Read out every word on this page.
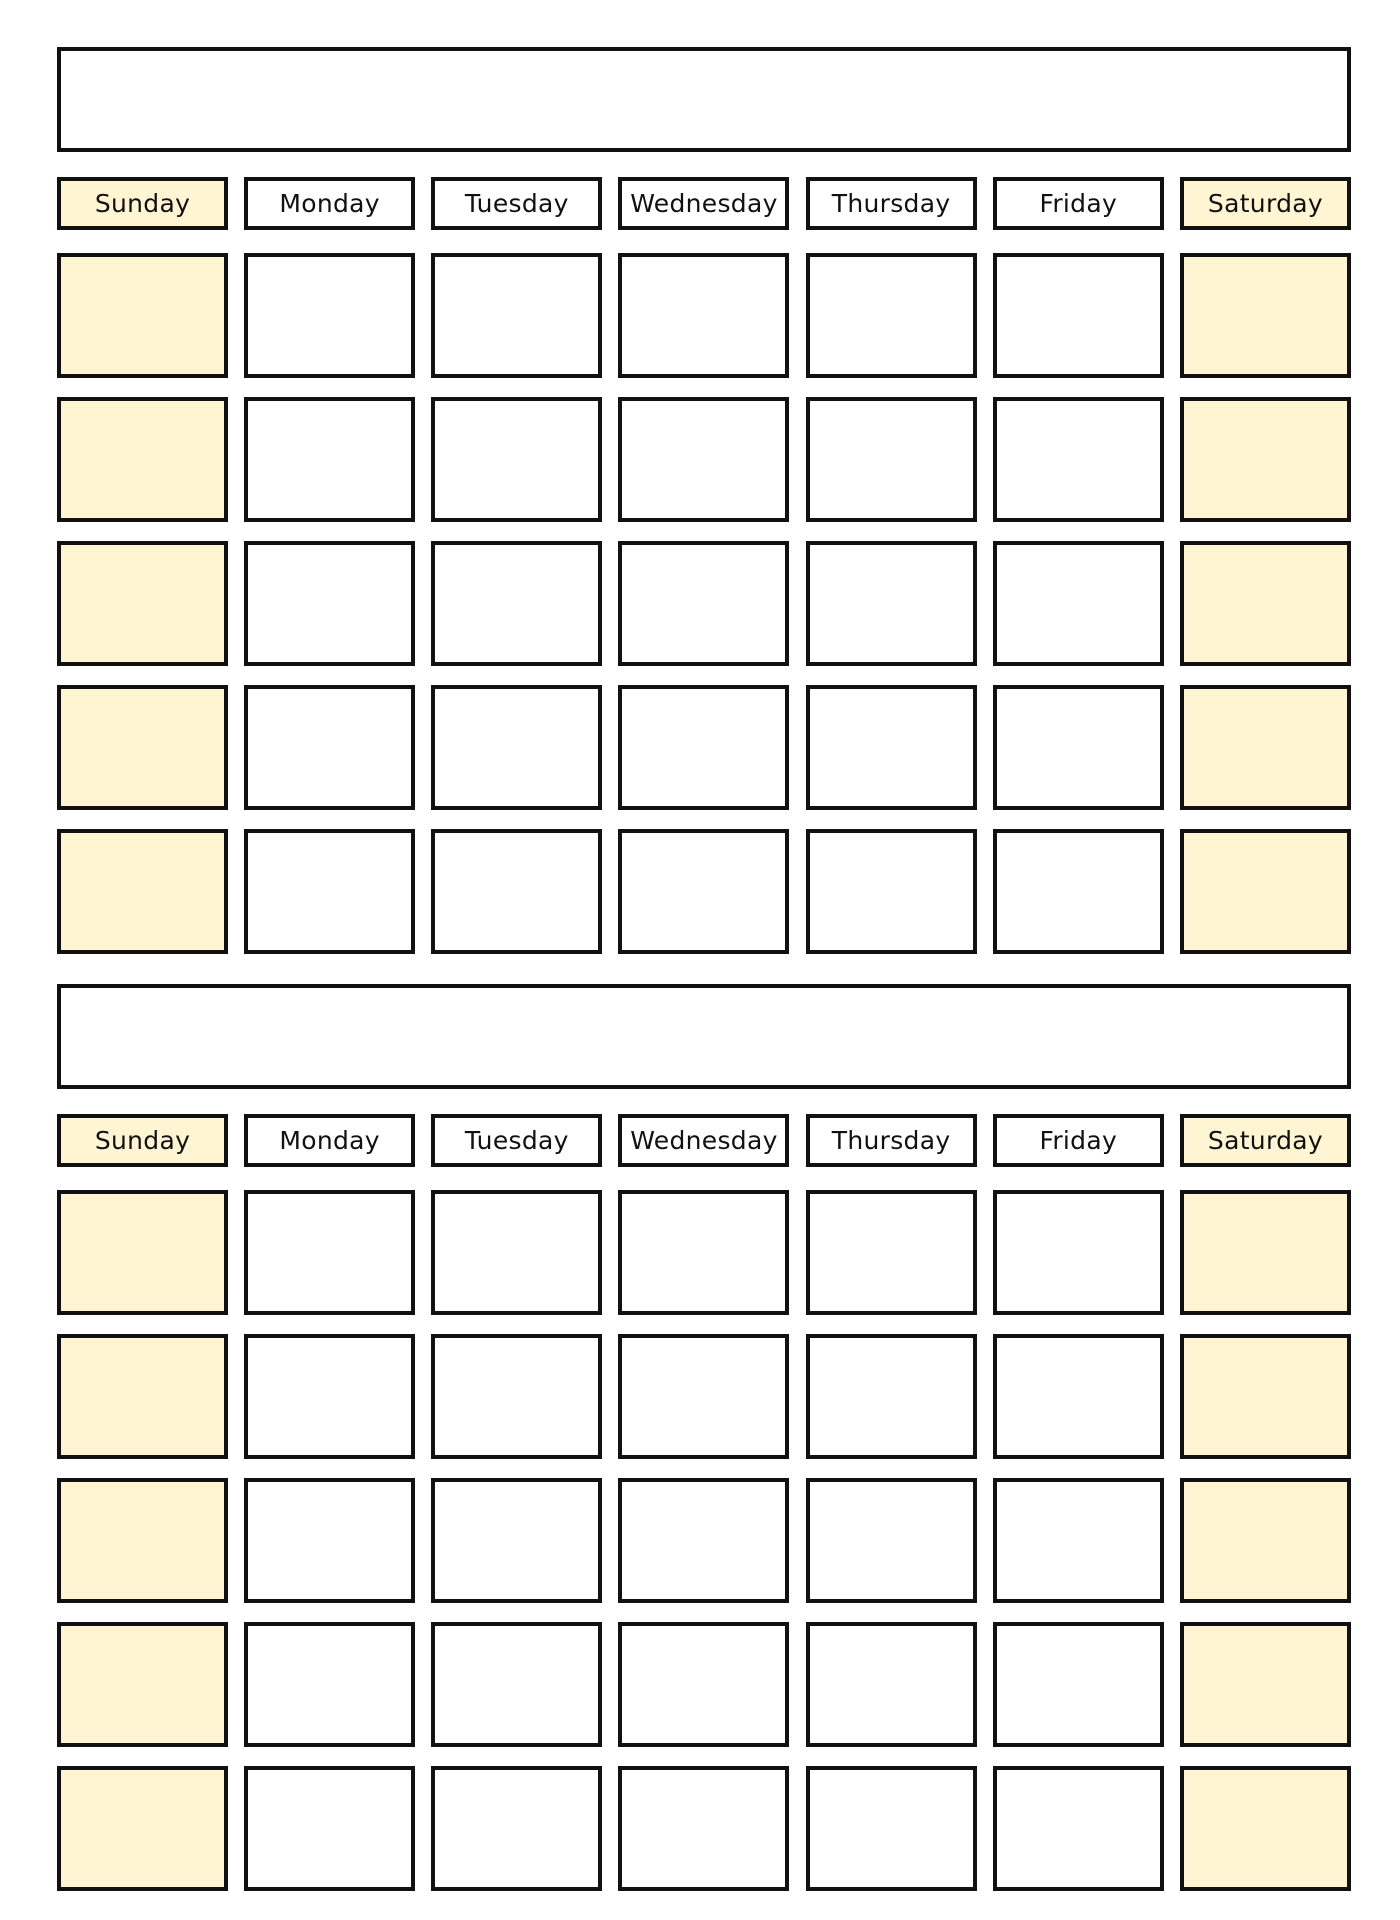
Sunday	Monday	Tuesday	Wednesday	Thursday	Friday	Saturday
Sunday	Monday	Tuesday	Wednesday	Thursday	Friday	Saturday
